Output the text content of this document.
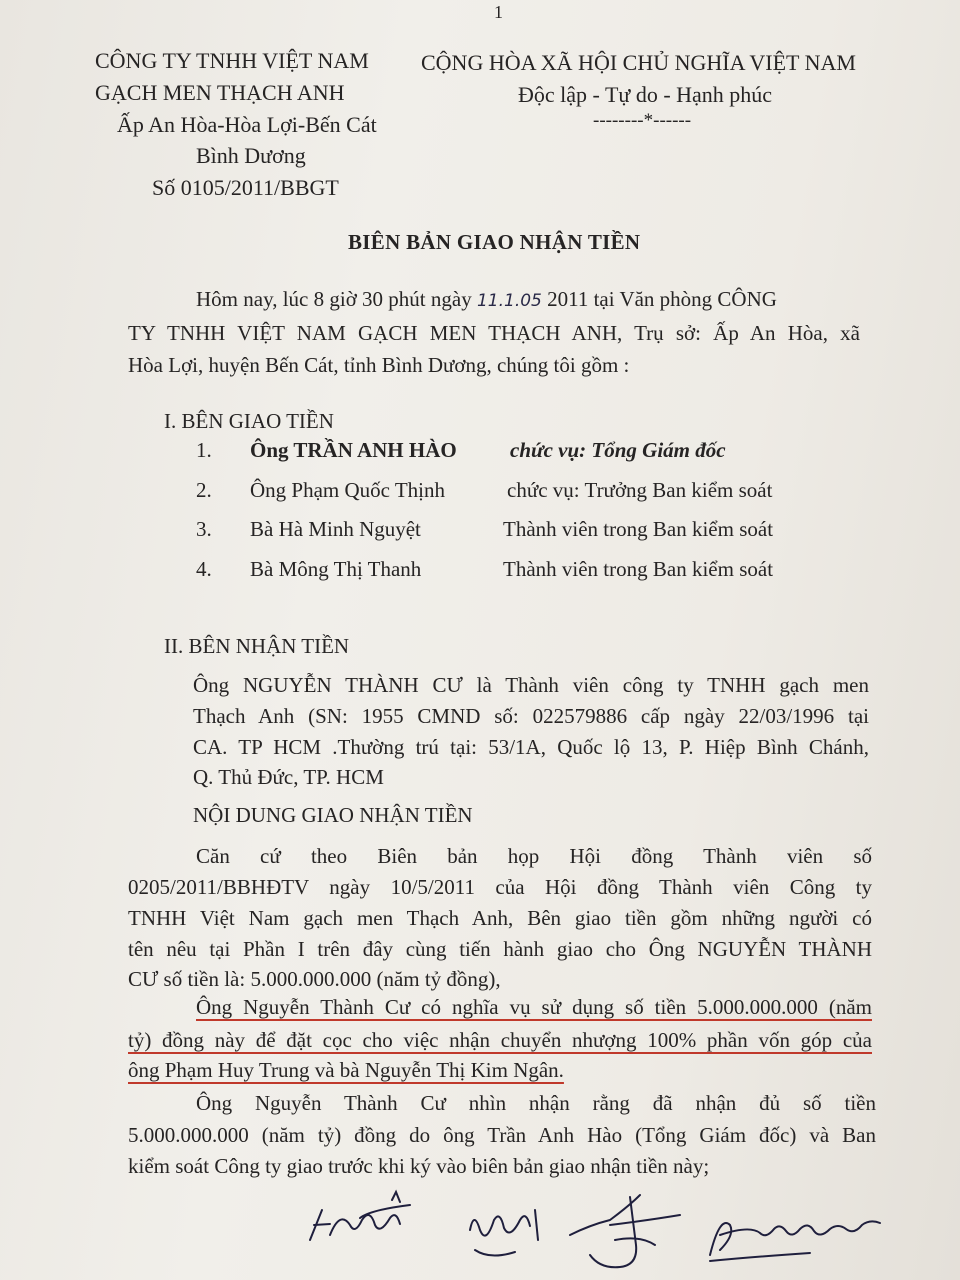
1
CÔNG TY TNHH VIỆT NAM
GẠCH MEN THẠCH ANH
Ấp An Hòa-Hòa Lợi-Bến Cát
Bình Dương
Số 0105/2011/BBGT
CỘNG HÒA XÃ HỘI CHỦ NGHĨA VIỆT NAM
Độc lập - Tự do - Hạnh phúc
--------*------
BIÊN BẢN GIAO NHẬN TIỀN
Hôm nay, lúc 8 giờ 30 phút ngày 11.1.05 2011 tại Văn phòng CÔNG
TY TNHH VIỆT NAM GẠCH MEN THẠCH ANH, Trụ sở: Ấp An Hòa, xã
Hòa Lợi, huyện Bến Cát, tỉnh Bình Dương, chúng tôi gồm :
I. BÊN GIAO TIỀN
1. Ông TRẦN ANH HÀO	chức vụ: Tổng Giám đốc
2. Ông Phạm Quốc Thịnh	chức vụ: Trưởng Ban kiểm soát
3. Bà Hà Minh Nguyệt	Thành viên trong Ban kiểm soát
4. Bà Mông Thị Thanh	Thành viên trong Ban kiểm soát
II. BÊN NHẬN TIỀN
Ông NGUYỄN THÀNH CƯ là Thành viên công ty TNHH gạch men
Thạch Anh (SN: 1955 CMND số: 022579886 cấp ngày 22/03/1996 tại
CA. TP HCM .Thường trú tại: 53/1A, Quốc lộ 13, P. Hiệp Bình Chánh,
Q. Thủ Đức, TP. HCM
NỘI DUNG GIAO NHẬN TIỀN
Căn cứ theo Biên bản họp Hội đồng Thành viên số
0205/2011/BBHĐTV ngày 10/5/2011 của Hội đồng Thành viên Công ty
TNHH Việt Nam gạch men Thạch Anh, Bên giao tiền gồm những người có
tên nêu tại Phần I trên đây cùng tiến hành giao cho Ông NGUYỄN THÀNH
CƯ số tiền là: 5.000.000.000 (năm tỷ đồng),
Ông Nguyễn Thành Cư có nghĩa vụ sử dụng số tiền 5.000.000.000 (năm
tỷ) đồng này để đặt cọc cho việc nhận chuyển nhượng 100% phần vốn góp của
ông Phạm Huy Trung và bà Nguyễn Thị Kim Ngân.
Ông Nguyễn Thành Cư nhìn nhận rằng đã nhận đủ số tiền
5.000.000.000 (năm tỷ) đồng do ông Trần Anh Hào (Tổng Giám đốc) và Ban
kiểm soát Công ty giao trước khi ký vào biên bản giao nhận tiền này;
